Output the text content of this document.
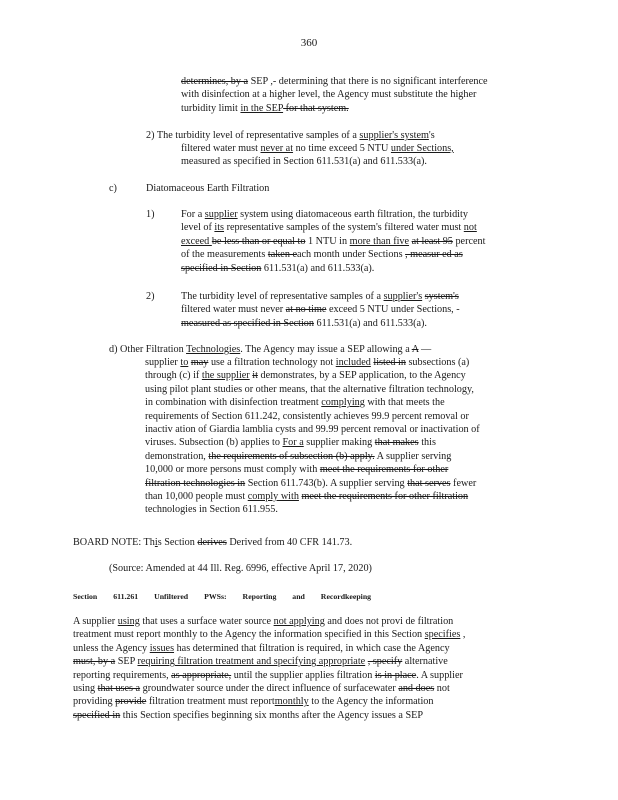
360
determines, by a SEP ,- determining that there is no significant interference
with disinfection at a higher level, the Agency must substitute the higher
turbidity limit in the SEP for that system.
2) The turbidity level of representative samples of a supplier's system's
filtered water must never at no time exceed 5 NTU under Sections,
measured as specified in Section 611.531(a) and 611.533(a).
c)	Diatomaceous Earth Filtration
1)	For a supplier system using diatomaceous earth filtration, the turbidity
level of its representative samples of the system's filtered water must not
exceed be less than or equal to 1 NTU in more than five at least 95 percent
of the measurements taken each month under Sections , measur ed as
specified in Section 611.531(a) and 611.533(a).
2)	The turbidity level of representative samples of a supplier's system's
filtered water must never at no time exceed 5 NTU under Sections, -
measured as specified in Section 611.531(a) and 611.533(a).
d) Other Filtration Technologies. The Agency may issue a SEP allowing a A —
supplier to may use a filtration technology not included listed in subsections (a)
through (c) if the supplier it demonstrates, by a SEP application, to the Agency
using pilot plant studies or other means, that the alternative filtration technology,
in combination with disinfection treatment complying with that meets the
requirements of Section 611.242, consistently achieves 99.9 percent removal or
inactiv ation of Giardia lamblia cysts and 99.99 percent removal or inactivation of
viruses. Subsection (b) applies to For a supplier making that makes this
demonstration, the requirements of subsection (b) apply. A supplier serving
10,000 or more persons must comply with meet the requirements for other
filtration technologies in Section 611.743(b). A supplier serving that serves fewer
than 10,000 people must comply with meet the requirements for other filtration
technologies in Section 611.955.
BOARD NOTE: This Section derives Derived from 40 CFR 141.73.
(Source: Amended at 44 Ill. Reg. 6996, effective April 17, 2020)
Section 611.261 Unfiltered PWSs: Reporting and Recordkeeping
A supplier using that uses a surface water source not applying and does not provi de filtration
treatment must report monthly to the Agency the information specified in this Section specifies ,
unless the Agency issues has determined that filtration is required, in which case the Agency
must, by a SEP requiring filtration treatment and specifying appropriate , specify alternative
reporting requirements, as appropriate, until the supplier applies filtration is in place. A supplier
using that uses a groundwater source under the direct influence of surfacewater and does not
providing provide filtration treatment must reportmonthly to the Agency the information
specified in this Section specifies beginning six months after the Agency issues a SEP
